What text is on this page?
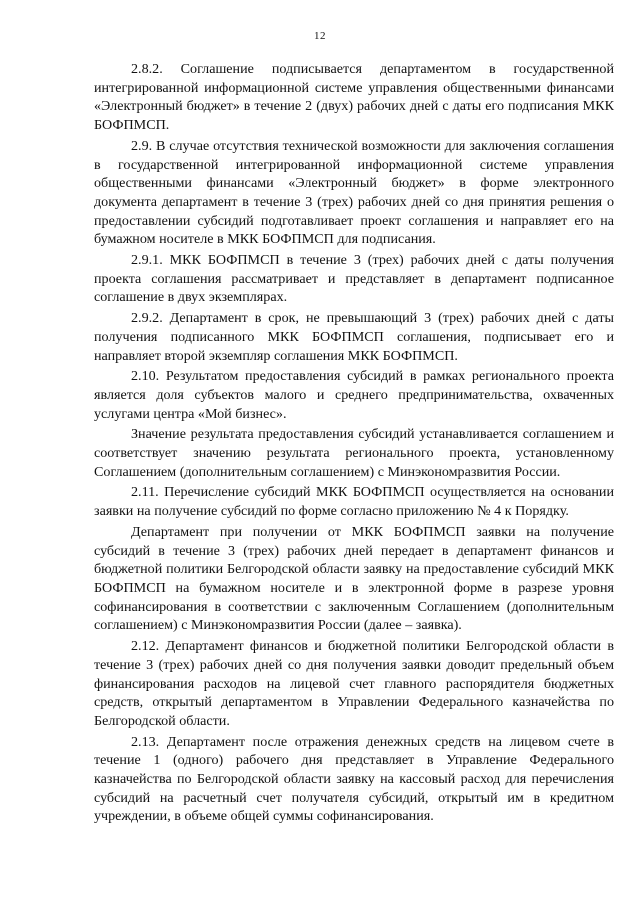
12

2.8.2. Соглашение подписывается департаментом в государственной интегрированной информационной системе управления общественными финансами «Электронный бюджет» в течение 2 (двух) рабочих дней с даты его подписания МКК БОФПМСП.

2.9. В случае отсутствия технической возможности для заключения соглашения в государственной интегрированной информационной системе управления общественными финансами «Электронный бюджет» в форме электронного документа департамент в течение 3 (трех) рабочих дней со дня принятия решения о предоставлении субсидий подготавливает проект соглашения и направляет его на бумажном носителе в МКК БОФПМСП для подписания.

2.9.1. МКК БОФПМСП в течение 3 (трех) рабочих дней с даты получения проекта соглашения рассматривает и представляет в департамент подписанное соглашение в двух экземплярах.

2.9.2. Департамент в срок, не превышающий 3 (трех) рабочих дней с даты получения подписанного МКК БОФПМСП соглашения, подписывает его и направляет второй экземпляр соглашения МКК БОФПМСП.

2.10. Результатом предоставления субсидий в рамках регионального проекта является доля субъектов малого и среднего предпринимательства, охваченных услугами центра «Мой бизнес».

Значение результата предоставления субсидий устанавливается соглашением и соответствует значению результата регионального проекта, установленному Соглашением (дополнительным соглашением) с Минэкономразвития России.

2.11. Перечисление субсидий МКК БОФПМСП осуществляется на основании заявки на получение субсидий по форме согласно приложению № 4 к Порядку.

Департамент при получении от МКК БОФПМСП заявки на получение субсидий в течение 3 (трех) рабочих дней передает в департамент финансов и бюджетной политики Белгородской области заявку на предоставление субсидий МКК БОФПМСП на бумажном носителе и в электронной форме в разрезе уровня софинансирования в соответствии с заключенным Соглашением (дополнительным соглашением) с Минэкономразвития России (далее – заявка).

2.12. Департамент финансов и бюджетной политики Белгородской области в течение 3 (трех) рабочих дней со дня получения заявки доводит предельный объем финансирования расходов на лицевой счет главного распорядителя бюджетных средств, открытый департаментом в Управлении Федерального казначейства по Белгородской области.

2.13. Департамент после отражения денежных средств на лицевом счете в течение 1 (одного) рабочего дня представляет в Управление Федерального казначейства по Белгородской области заявку на кассовый расход для перечисления субсидий на расчетный счет получателя субсидий, открытый им в кредитном учреждении, в объеме общей суммы софинансирования.
